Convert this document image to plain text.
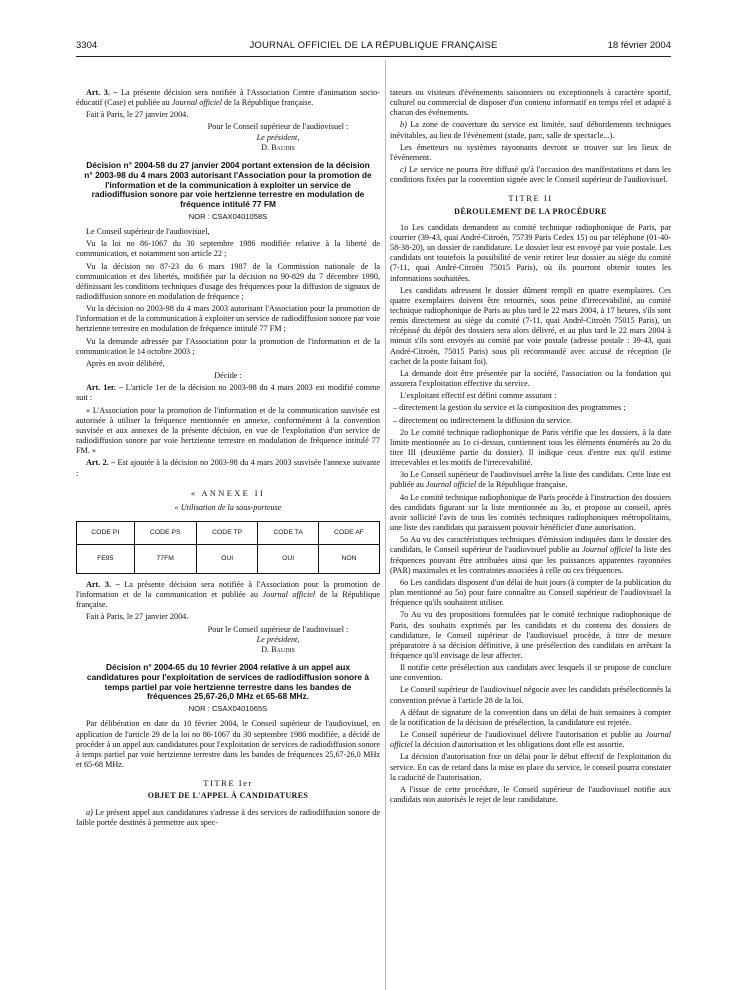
3304	JOURNAL OFFICIEL DE LA RÉPUBLIQUE FRANÇAISE	18 février 2004

Art. 3. – La présente décision sera notifiée à l'Association Centre d'animation socio-éducatif (Case) et publiée au Journal officiel de la République française.

Fait à Paris, le 27 janvier 2004.

Pour le Conseil supérieur de l'audiovisuel :

Le président,

D. Baudis

Décision n° 2004-58 du 27 janvier 2004 portant extension de la décision n° 2003-98 du 4 mars 2003 autorisant l'Association pour la promotion de l'information et de la communication à exploiter un service de radiodiffusion sonore par voie hertzienne terrestre en modulation de fréquence intitulé 77 FM

NOR : CSAX0401058S

Le Conseil supérieur de l'audiovisuel,

Vu la loi no 86-1067 du 30 septembre 1986 modifiée relative à la liberté de communication, et notamment son article 22 ;

Vu la décision no 87-23 du 6 mars 1987 de la Commission nationale de la communication et des libertés, modifiée par la décision no 90-829 du 7 décembre 1990, définissant les conditions techniques d'usage des fréquences pour la diffusion de signaux de radiodiffusion sonore en modulation de fréquence ;

Vu la décision no 2003-98 du 4 mars 2003 autorisant l'Association pour la promotion de l'information et de la communication à exploiter un service de radiodiffusion sonore par voie hertzienne terrestre en modulation de fréquence intitulé 77 FM ;

Vu la demande adressée par l'Association pour la promotion de l'information et de la communication le 14 octobre 2003 ;

Après en avoir délibéré,

Décide :

Art. 1er. – L'article 1er de la décision no 2003-98 du 4 mars 2003 est modifié comme suit :

« L'Association pour la promotion de l'information et de la communication susvisée est autorisée à utiliser la fréquence mentionnée en annexe, conformément à la convention susvisée et aux annexes de la présente décision, en vue de l'exploitation d'un service de radiodiffusion sonore par voie hertzienne terrestre en modulation de fréquence intitulé 77 FM. »

Art. 2. – Est ajoutée à la décision no 2003-98 du 4 mars 2003 susvisée l'annexe suivante :

« ANNEXE II

« Utilisation de la sous-porteuse

CODE PI	CODE PS	CODE TP	CODE TA	CODE AF
FE95	77FM	OUI	OUI	NON

Art. 3. – La présente décision sera notifiée à l'Association pour la promotion de l'information et de la communication et publiée au Journal officiel de la République française.

Fait à Paris, le 27 janvier 2004.

Pour le Conseil supérieur de l'audiovisuel :

Le président,

D. Baudis

Décision n° 2004-65 du 10 février 2004 relative à un appel aux candidatures pour l'exploitation de services de radiodiffusion sonore à temps partiel par voie hertzienne terrestre dans les bandes de fréquences 25,67-26,0 MHz et 65-68 MHz.

NOR : CSAX0401065S

Par délibération en date du 10 février 2004, le Conseil supérieur de l'audiovisuel, en application de l'article 29 de la loi no 86-1067 du 30 septembre 1986 modifiée, a décidé de procéder à un appel aux candidatures pour l'exploitation de services de radiodiffusion sonore à temps partiel par voie hertzienne terrestre dans les bandes de fréquences 25,67-26,0 MHz et 65-68 MHz.

TITRE Ier

OBJET DE L'APPEL À CANDIDATURES

a) Le présent appel aux candidatures s'adresse à des services de radiodiffusion sonore de faible portée destinés à permettre aux spec-

tateurs ou visiteurs d'événements saisonniers ou exceptionnels à caractère sportif, culturel ou commercial de disposer d'un contenu informatif en temps réel et adapté à chacun des événements.

b) La zone de couverture du service est limitée, sauf débordements techniques inévitables, au lieu de l'événement (stade, parc, salle de spectacle...).

Les émetteurs ou systèmes rayonnants devront se trouver sur les lieux de l'événement.

c) Le service ne pourra être diffusé qu'à l'occasion des manifestations et dans les conditions fixées par la convention signée avec le Conseil supérieur de l'audiovisuel.

TITRE II

DÉROULEMENT DE LA PROCÉDURE

1o Les candidats demandent au comité technique radiophonique de Paris, par courrier (39-43, quai André-Citroën, 75739 Paris Cedex 15) ou par téléphone (01-40-58-38-20), un dossier de candidature. Le dossier leur est envoyé par voie postale. Les candidats ont toutefois la possibilité de venir retirer leur dossier au siège du comité (7-11, quai André-Citroën 75015 Paris), où ils pourront obtenir toutes les informations souhaitées.

Les candidats adressent le dossier dûment rempli en quatre exemplaires. Ces quatre exemplaires doivent être retournés, sous peine d'irrecevabilité, au comité technique radiophonique de Paris au plus tard le 22 mars 2004, à 17 heures, s'ils sont remis directement au siège du comité (7-11, quai André-Citroën 75015 Paris), un récépissé du dépôt des dossiers sera alors délivré, et au plus tard le 22 mars 2004 à minuit s'ils sont envoyés au comité par voie postale (adresse postale : 39-43, quai André-Citroën, 75015 Paris) sous pli recommandé avec accusé de réception (le cachet de la poste faisant foi).

La demande doit être présentée par la société, l'association ou la fondation qui assurera l'exploitation effective du service.

L'exploitant effectif est défini comme assurant :

– directement la gestion du service et la composition des programmes ;

– directement ou indirectement la diffusion du service.

2o Le comité technique radiophonique de Paris vérifie que les dossiers, à la date limite mentionnée au 1o ci-dessus, contiennent tous les éléments énumérés au 2o du titre III (deuxième partie du dossier). Il indique ceux d'entre eux qu'il estime irrecevables et les motifs de l'irrecevabilité.

3o Le Conseil supérieur de l'audiovisuel arrête la liste des candidats. Cette liste est publiée au Journal officiel de la République française.

4o Le comité technique radiophonique de Paris procède à l'instruction des dossiers des candidats figurant sur la liste mentionnée au 3o, et propose au conseil, après avoir sollicité l'avis de tous les comités techniques radiophoniques métropolitains, une liste des candidats qui paraissent pouvoir bénéficier d'une autorisation.

5o Au vu des caractéristiques techniques d'émission indiquées dans le dossier des candidats, le Conseil supérieur de l'audiovisuel publie au Journal officiel la liste des fréquences pouvant être attribuées ainsi que les puissances apparentes rayonnées (PAR) maximales et les contraintes associées à celle ou ces fréquences.

6o Les candidats disposent d'un délai de huit jours (à compter de la publication du plan mentionné au 5o) pour faire connaître au Conseil supérieur de l'audiovisuel la fréquence qu'ils souhaitent utiliser.

7o Au vu des propositions formulées par le comité technique radiophonique de Paris, des souhaits exprimés par les candidats et du contenu des dossiers de candidature, le Conseil supérieur de l'audiovisuel procède, à titre de mesure préparatoire à sa décision définitive, à une présélection des candidats en arrêtant la fréquence qu'il envisage de leur affecter.

Il notifie cette présélection aux candidats avec lesquels il se propose de conclure une convention.

Le Conseil supérieur de l'audiovisuel négocie avec les candidats présélectionnés la convention prévue à l'article 28 de la loi.

A défaut de signature de la convention dans un délai de huit semaines à compter de la notification de la décision de présélection, la candidature est rejetée.

Le Conseil supérieur de l'audiovisuel délivre l'autorisation et publie au Journal officiel la décision d'autorisation et les obligations dont elle est assortie.

La décision d'autorisation fixe un délai pour le début effectif de l'exploitation du service. En cas de retard dans la mise en place du service, le conseil pourra constater la caducité de l'autorisation.

A l'issue de cette procédure, le Conseil supérieur de l'audiovisuel notifie aux candidats non autorisés le rejet de leur candidature.
